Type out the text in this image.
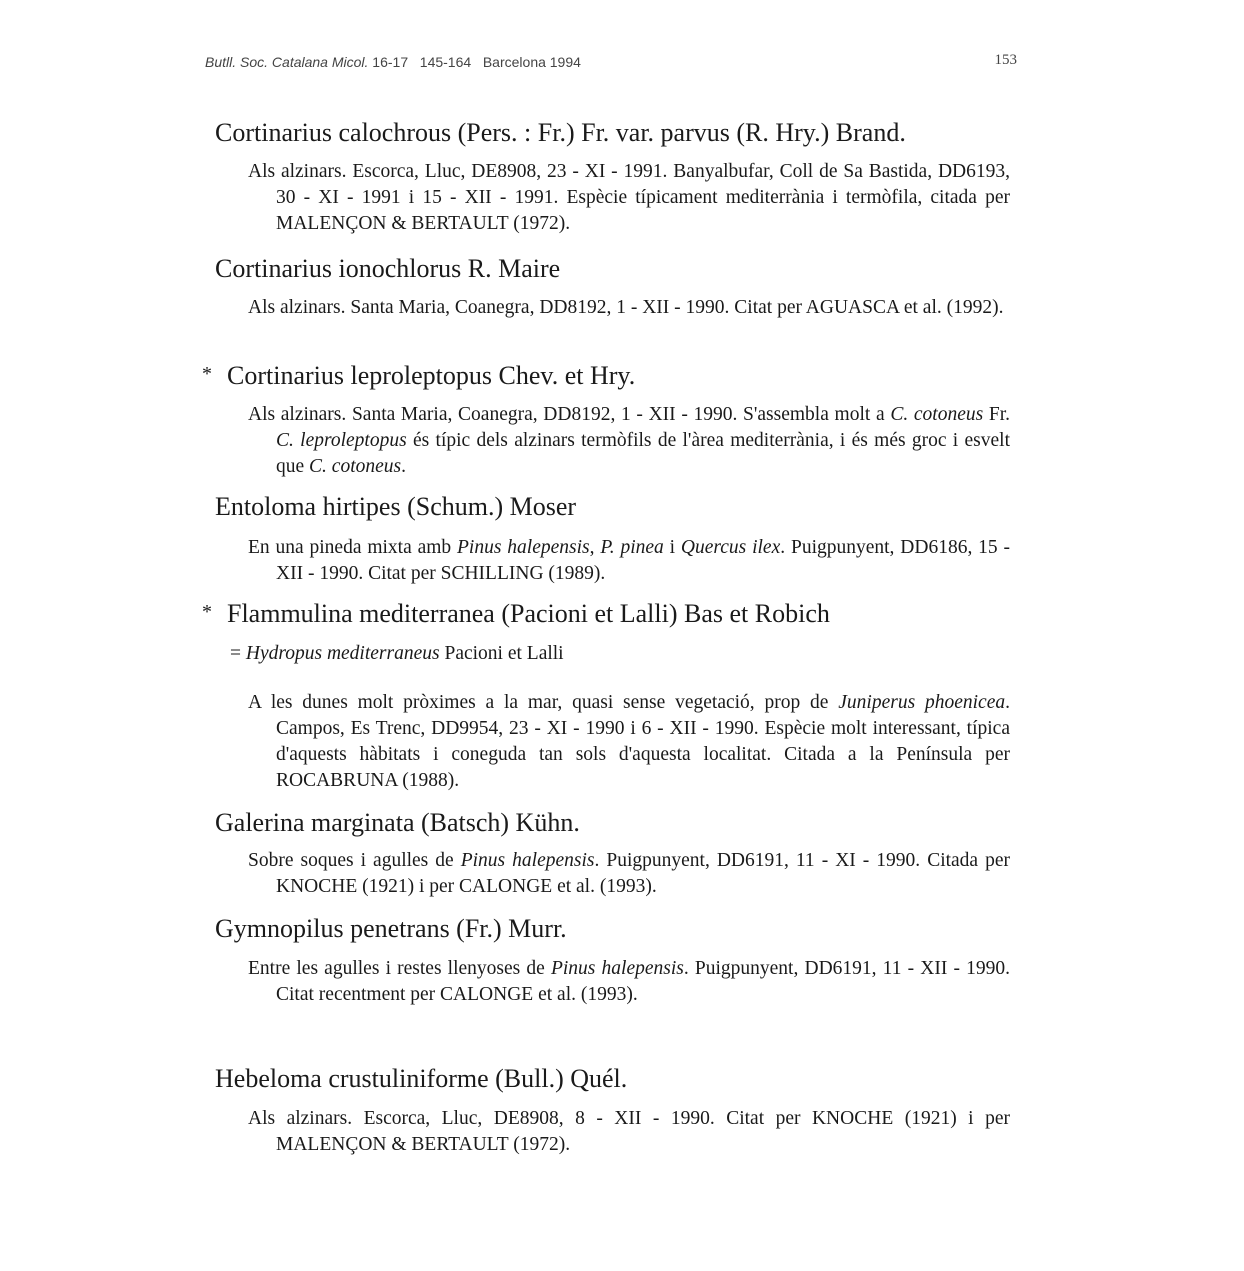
Butll. Soc. Catalana Micol. 16-17 145-164 Barcelona 1994	153
Cortinarius calochrous (Pers. : Fr.) Fr. var. parvus (R. Hry.) Brand.

Als alzinars. Escorca, Lluc, DE8908, 23 - XI - 1991. Banyalbufar, Coll de Sa Bastida, DD6193, 30 - XI - 1991 i 15 - XII - 1991. Espècie típicament mediterrània i termòfila, citada per MALENÇON & BERTAULT (1972).

Cortinarius ionochlorus R. Maire

Als alzinars. Santa Maria, Coanegra, DD8192, 1 - XII - 1990. Citat per AGUASCA et al. (1992).

* Cortinarius leproleptopus Chev. et Hry.

Als alzinars. Santa Maria, Coanegra, DD8192, 1 - XII - 1990. S'assembla molt a C. cotoneus Fr. C. leproleptopus és típic dels alzinars termòfils de l'àrea mediterrània, i és més groc i esvelt que C. cotoneus.

Entoloma hirtipes (Schum.) Moser

En una pineda mixta amb Pinus halepensis, P. pinea i Quercus ilex. Puigpunyent, DD6186, 15 - XII - 1990. Citat per SCHILLING (1989).

* Flammulina mediterranea (Pacioni et Lalli) Bas et Robich
= Hydropus mediterraneus Pacioni et Lalli

A les dunes molt pròximes a la mar, quasi sense vegetació, prop de Juniperus phoenicea. Campos, Es Trenc, DD9954, 23 - XI - 1990 i 6 - XII - 1990. Espècie molt interessant, típica d'aquests hàbitats i coneguda tan sols d'aquesta localitat. Citada a la Península per ROCABRUNA (1988).

Galerina marginata (Batsch) Kühn.

Sobre soques i agulles de Pinus halepensis. Puigpunyent, DD6191, 11 - XI - 1990. Citada per KNOCHE (1921) i per CALONGE et al. (1993).

Gymnopilus penetrans (Fr.) Murr.

Entre les agulles i restes llenyoses de Pinus halepensis. Puigpunyent, DD6191, 11 - XII - 1990. Citat recentment per CALONGE et al. (1993).

Hebeloma crustuliniforme (Bull.) Quél.

Als alzinars. Escorca, Lluc, DE8908, 8 - XII - 1990. Citat per KNOCHE (1921) i per MALENÇON & BERTAULT (1972).
